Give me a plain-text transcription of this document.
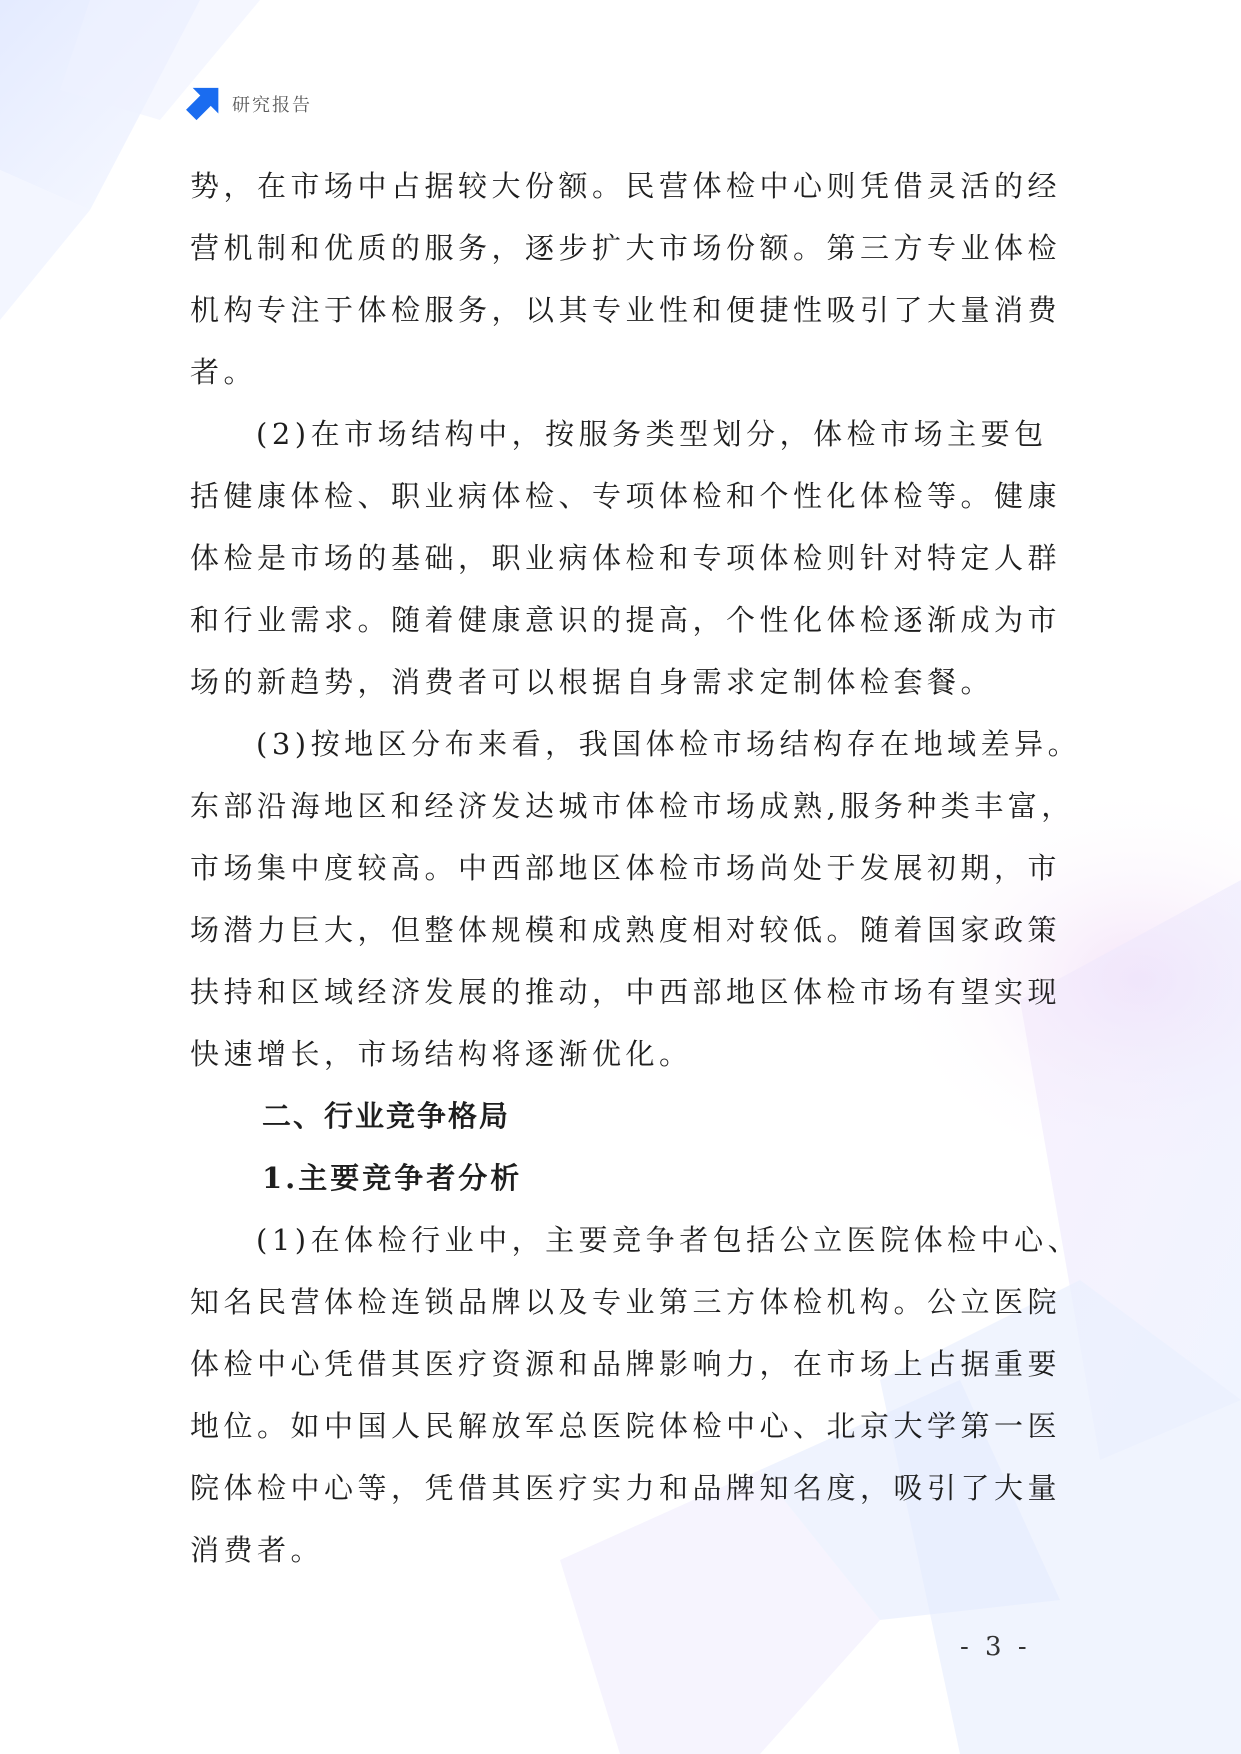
研究报告

势，在市场中占据较大份额。民营体检中心则凭借灵活的经
营机制和优质的服务，逐步扩大市场份额。第三方专业体检
机构专注于体检服务，以其专业性和便捷性吸引了大量消费
者。

(2)在市场结构中，按服务类型划分，体检市场主要包
括健康体检、职业病体检、专项体检和个性化体检等。健康
体检是市场的基础，职业病体检和专项体检则针对特定人群
和行业需求。随着健康意识的提高，个性化体检逐渐成为市
场的新趋势，消费者可以根据自身需求定制体检套餐。

(3)按地区分布来看，我国体检市场结构存在地域差异。
东部沿海地区和经济发达城市体检市场成熟,服务种类丰富，
市场集中度较高。中西部地区体检市场尚处于发展初期，市
场潜力巨大，但整体规模和成熟度相对较低。随着国家政策
扶持和区域经济发展的推动，中西部地区体检市场有望实现
快速增长，市场结构将逐渐优化。

二、行业竞争格局
1.主要竞争者分析

(1)在体检行业中，主要竞争者包括公立医院体检中心、
知名民营体检连锁品牌以及专业第三方体检机构。公立医院
体检中心凭借其医疗资源和品牌影响力，在市场上占据重要
地位。如中国人民解放军总医院体检中心、北京大学第一医
院体检中心等，凭借其医疗实力和品牌知名度，吸引了大量
消费者。

- 3 -
